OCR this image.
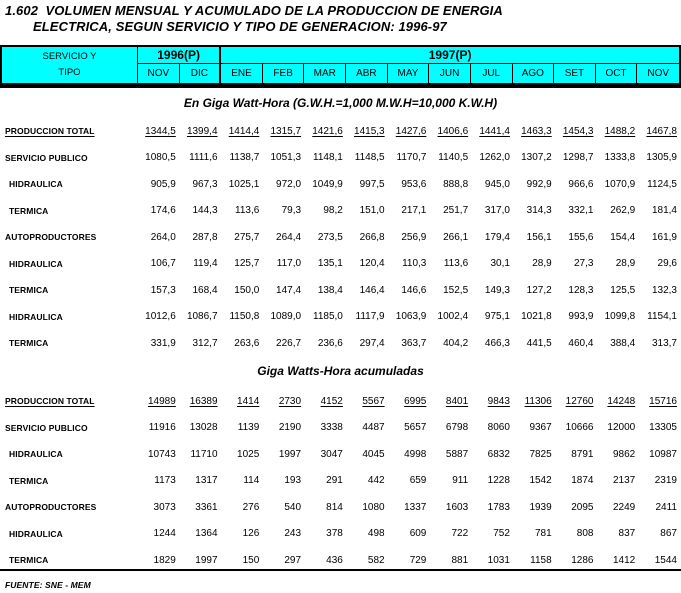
1.602  VOLUMEN MENSUAL Y ACUMULADO DE LA PRODUCCION DE ENERGIA
ELECTRICA, SEGUN SERVICIO Y TIPO DE GENERACION: 1996-97
SERVICIO Y
TIPO
1996(P)	1997(P)
NOV	DIC	ENE	FEB	MAR	ABR	MAY	JUN	JUL	AGO	SET	OCT	NOV
En Giga Watt-Hora (G.W.H.=1,000 M.W.H=10,000 K.W.H)
PRODUCCION TOTAL	1344,5	1399,4	1414,4	1315,7	1421,6	1415,3	1427,6	1406,6	1441,4	1463,3	1454,3	1488,2	1467,8
SERVICIO PUBLICO	1080,5	1111,6	1138,7	1051,3	1148,1	1148,5	1170,7	1140,5	1262,0	1307,2	1298,7	1333,8	1305,9
HIDRAULICA	905,9	967,3	1025,1	972,0	1049,9	997,5	953,6	888,8	945,0	992,9	966,6	1070,9	1124,5
TERMICA	174,6	144,3	113,6	79,3	98,2	151,0	217,1	251,7	317,0	314,3	332,1	262,9	181,4
AUTOPRODUCTORES	264,0	287,8	275,7	264,4	273,5	266,8	256,9	266,1	179,4	156,1	155,6	154,4	161,9
HIDRAULICA	106,7	119,4	125,7	117,0	135,1	120,4	110,3	113,6	30,1	28,9	27,3	28,9	29,6
TERMICA	157,3	168,4	150,0	147,4	138,4	146,4	146,6	152,5	149,3	127,2	128,3	125,5	132,3
HIDRAULICA	1012,6	1086,7	1150,8	1089,0	1185,0	1117,9	1063,9	1002,4	975,1	1021,8	993,9	1099,8	1154,1
TERMICA	331,9	312,7	263,6	226,7	236,6	297,4	363,7	404,2	466,3	441,5	460,4	388,4	313,7
Giga Watts-Hora acumuladas
PRODUCCION TOTAL	14989	16389	1414	2730	4152	5567	6995	8401	9843	11306	12760	14248	15716
SERVICIO PUBLICO	11916	13028	1139	2190	3338	4487	5657	6798	8060	9367	10666	12000	13305
HIDRAULICA	10743	11710	1025	1997	3047	4045	4998	5887	6832	7825	8791	9862	10987
TERMICA	1173	1317	114	193	291	442	659	911	1228	1542	1874	2137	2319
AUTOPRODUCTORES	3073	3361	276	540	814	1080	1337	1603	1783	1939	2095	2249	2411
HIDRAULICA	1244	1364	126	243	378	498	609	722	752	781	808	837	867
TERMICA	1829	1997	150	297	436	582	729	881	1031	1158	1286	1412	1544
FUENTE: SNE - MEM
